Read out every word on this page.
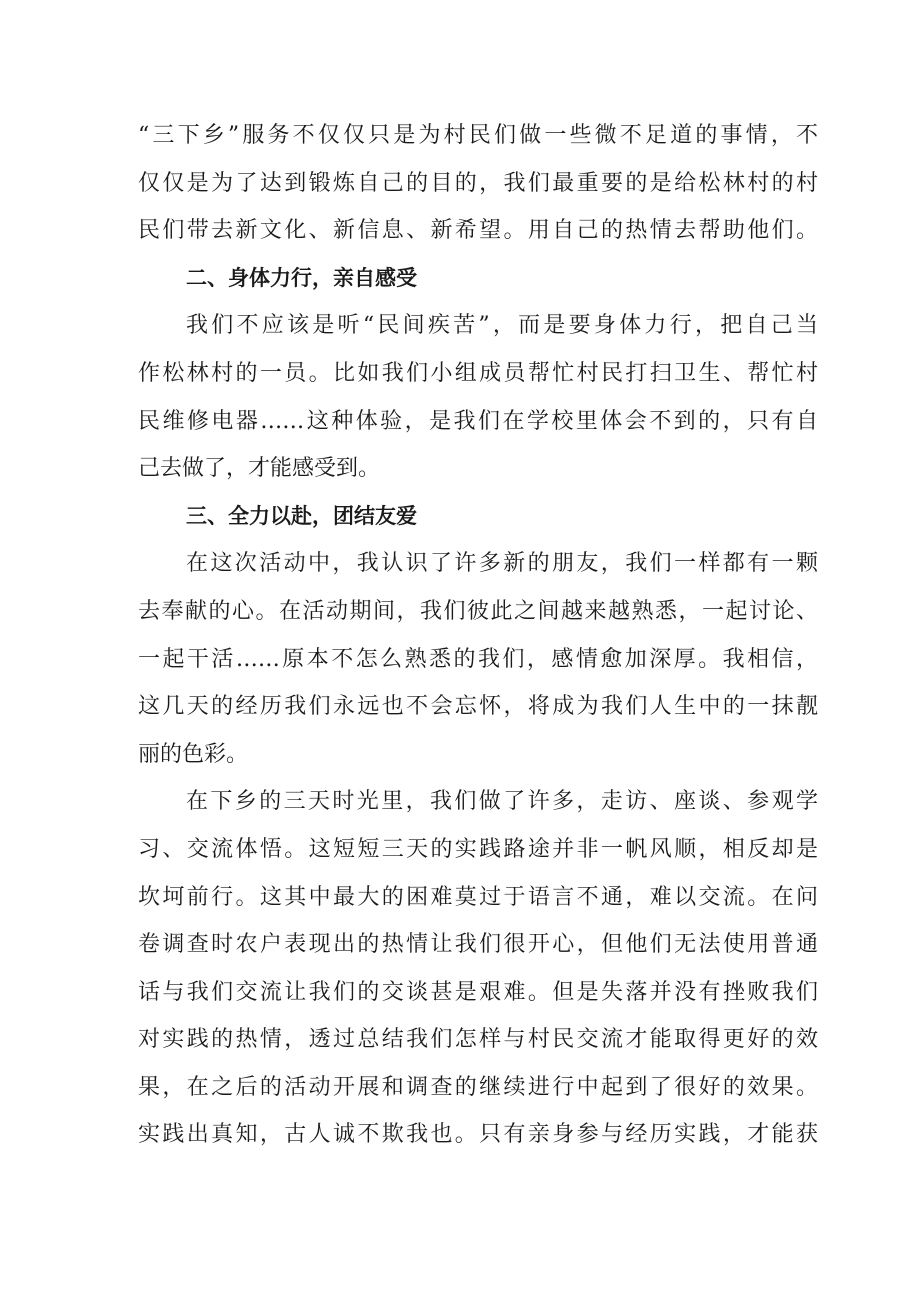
“三下乡”服务不仅仅只是为村民们做一些微不足道的事情，不
仅仅是为了达到锻炼自己的目的，我们最重要的是给松林村的村
民们带去新文化、新信息、新希望。用自己的热情去帮助他们。
二、身体力行，亲自感受
我们不应该是听“民间疾苦”，而是要身体力行，把自己当
作松林村的一员。比如我们小组成员帮忙村民打扫卫生、帮忙村
民维修电器……这种体验，是我们在学校里体会不到的，只有自
己去做了，才能感受到。
三、全力以赴，团结友爱
在这次活动中，我认识了许多新的朋友，我们一样都有一颗
去奉献的心。在活动期间，我们彼此之间越来越熟悉，一起讨论、
一起干活……原本不怎么熟悉的我们，感情愈加深厚。我相信，
这几天的经历我们永远也不会忘怀，将成为我们人生中的一抹靓
丽的色彩。
在下乡的三天时光里，我们做了许多，走访、座谈、参观学
习、交流体悟。这短短三天的实践路途并非一帆风顺，相反却是
坎坷前行。这其中最大的困难莫过于语言不通，难以交流。在问
卷调查时农户表现出的热情让我们很开心，但他们无法使用普通
话与我们交流让我们的交谈甚是艰难。但是失落并没有挫败我们
对实践的热情，透过总结我们怎样与村民交流才能取得更好的效
果，在之后的活动开展和调查的继续进行中起到了很好的效果。
实践出真知，古人诚不欺我也。只有亲身参与经历实践，才能获
